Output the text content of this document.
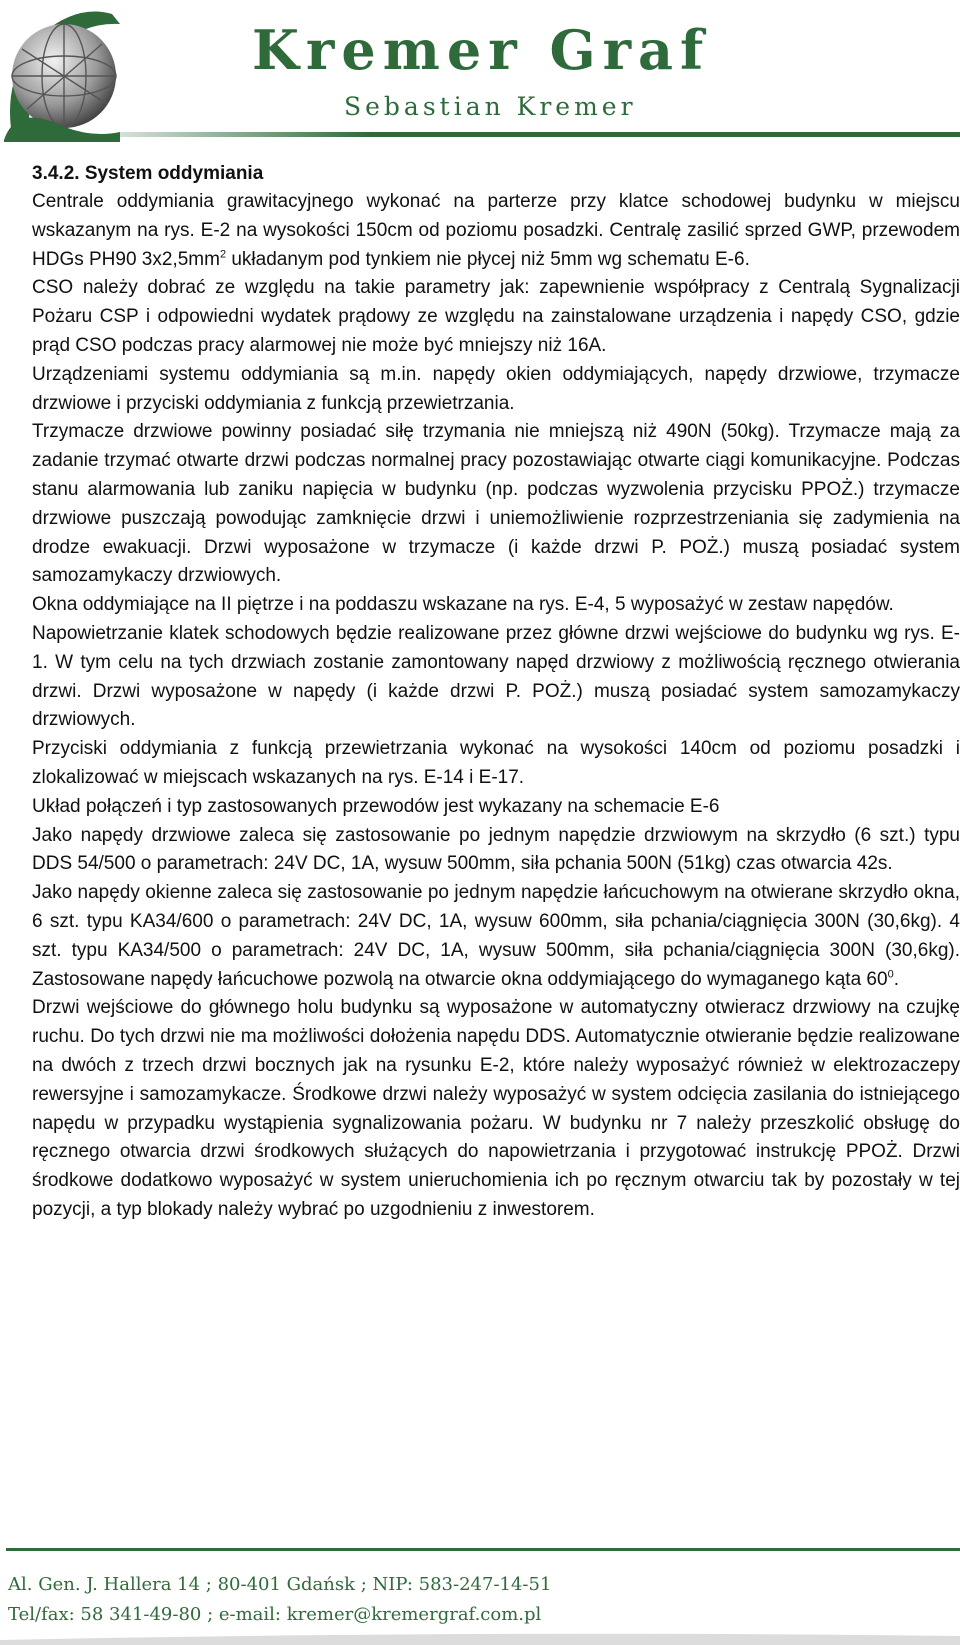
Kremer Graf
Sebastian Kremer
3.4.2. System oddymiania

Centrale oddymiania grawitacyjnego wykonać na parterze przy klatce schodowej budynku w miejscu wskazanym na rys. E-2 na wysokości 150cm od poziomu posadzki. Centralę zasilić sprzed GWP, przewodem HDGs PH90 $3x2,5mm^2$ układanym pod tynkiem nie płycej niż 5mm wg schematu E-6.

CSO należy dobrać ze względu na takie parametry jak: zapewnienie współpracy z Centralą Sygnalizacji Pożaru CSP i odpowiedni wydatek prądowy ze względu na zainstalowane urządzenia i napędy CSO, gdzie prąd CSO podczas pracy alarmowej nie może być mniejszy niż 16A.

Urządzeniami systemu oddymiania są m.in. napędy okien oddymiających, napędy drzwiowe, trzymacze drzwiowe i przyciski oddymiania z funkcją przewietrzania.

Trzymacze drzwiowe powinny posiadać siłę trzymania nie mniejszą niż 490N (50kg). Trzymacze mają za zadanie trzymać otwarte drzwi podczas normalnej pracy pozostawiając otwarte ciągi komunikacyjne. Podczas stanu alarmowania lub zaniku napięcia w budynku (np. podczas wyzwolenia przycisku PPOŻ.) trzymacze drzwiowe puszczają powodując zamknięcie drzwi i uniemożliwienie rozprzestrzeniania się zadymienia na drodze ewakuacji. Drzwi wyposażone w trzymacze (i każde drzwi P. POŻ.) muszą posiadać system samozamykaczy drzwiowych.

Okna oddymiające na II piętrze i na poddaszu wskazane na rys. E-4, 5 wyposażyć w zestaw napędów.

Napowietrzanie klatek schodowych będzie realizowane przez główne drzwi wejściowe do budynku wg rys. E-1. W tym celu na tych drzwiach zostanie zamontowany napęd drzwiowy z możliwością ręcznego otwierania drzwi. Drzwi wyposażone w napędy (i każde drzwi P. POŻ.) muszą posiadać system samozamykaczy drzwiowych.

Przyciski oddymiania z funkcją przewietrzania wykonać na wysokości 140cm od poziomu posadzki i zlokalizować w miejscach wskazanych na rys. E-14 i E-17.

Układ połączeń i typ zastosowanych przewodów jest wykazany na schemacie E-6

Jako napędy drzwiowe zaleca się zastosowanie po jednym napędzie drzwiowym na skrzydło (6 szt.) typu DDS 54/500 o parametrach: 24V DC, 1A, wysuw 500mm, siła pchania 500N (51kg) czas otwarcia 42s.

Jako napędy okienne zaleca się zastosowanie po jednym napędzie łańcuchowym na otwierane skrzydło okna, 6 szt. typu KA34/600 o parametrach: 24V DC, 1A, wysuw 600mm, siła pchania/ciągnięcia 300N (30,6kg). 4 szt. typu KA34/500 o parametrach: 24V DC, 1A, wysuw 500mm, siła pchania/ciągnięcia 300N (30,6kg). Zastosowane napędy łańcuchowe pozwolą na otwarcie okna oddymiającego do wymaganego kąta $60^0$.

Drzwi wejściowe do głównego holu budynku są wyposażone w automatyczny otwieracz drzwiowy na czujkę ruchu. Do tych drzwi nie ma możliwości dołożenia napędu DDS. Automatycznie otwieranie będzie realizowane na dwóch z trzech drzwi bocznych jak na rysunku E-2, które należy wyposażyć również w elektrozaczepy rewersyjne i samozamykacze. Środkowe drzwi należy wyposażyć w system odcięcia zasilania do istniejącego napędu w przypadku wystąpienia sygnalizowania pożaru. W budynku nr 7 należy przeszkolić obsługę do ręcznego otwarcia drzwi środkowych służących do napowietrzania i przygotować instrukcję PPOŻ. Drzwi środkowe dodatkowo wyposażyć w system unieruchomienia ich po ręcznym otwarciu tak by pozostały w tej pozycji, a typ blokady należy wybrać po uzgodnieniu z inwestorem.

Al. Gen. J. Hallera 14 ; 80-401 Gdańsk ; NIP: 583-247-14-51
Tel/fax: 58 341-49-80 ; e-mail: kremer@kremergraf.com.pl
